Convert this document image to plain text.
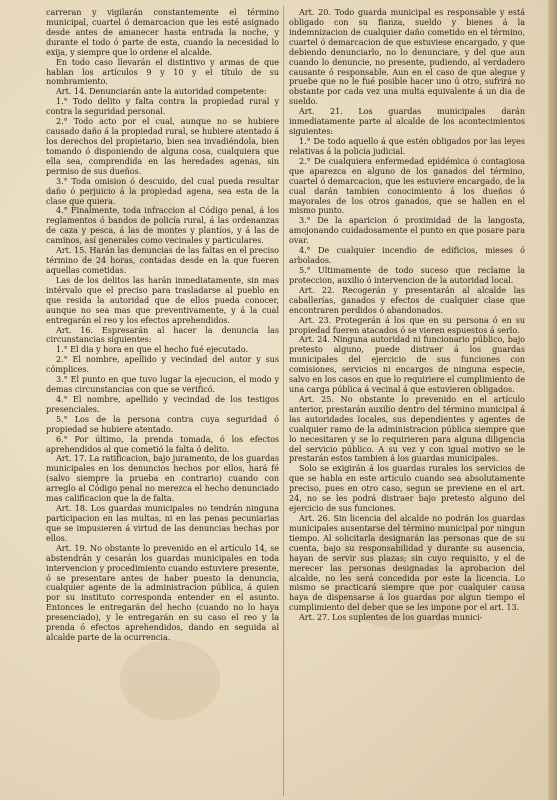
carreran y vigilarán constantemente el término municipal, cuartel ó demarcacion que les esté asignado desde antes de amanecer hasta entrada la noche, y durante el todo ó parte de esta, cuando la necesidad lo exija, y siempre que lo ordene el alcalde.

En todo caso llevarán el distintivo y armas de que hablan los artículos 9 y 10 y el título de su nombramiento.

Art. 14. Denunciarán ante la autoridad competente:

1.° Todo delito y falta contra la propiedad rural y contra la seguridad personal.

2.° Todo acto por el cual, aunque no se hubiere causado daño á la propiedad rural, se hubiere atentado á los derechos del propietario, bien sea invadiéndola, bien tomando ó disponiendo de alguna cosa, cualquiera que ella sea, comprendida en las heredades agenas, sin permiso de sus dueños.

3.° Toda omision ó descuido, del cual pueda resultar daño ó perjuicio á la propiedad agena, sea esta de la clase que quiera.

4.° Finalmente, toda infraccion al Código penal, á los reglamentos ó bandos de policía rural, á las ordenanzas de caza y pesca, á las de montes y plantíos, y á las de caminos, así generales como vecinales y particulares.

Art. 15. Harán las denuncias de las faltas en el preciso término de 24 horas, contadas desde en la que fueren aquellas cometidas.

Las de los delitos las harán inmediatamente, sin mas intérvalo que el preciso para trasladarse al pueblo en que resida la autoridad que de ellos pueda conocer, aunque no sea mas que preventivamente, y á la cual entregarán el reo y los efectos aprehendidos.

Art. 16. Espresarán al hacer la denuncia las circunstancias siguientes:

1.° El dia y hora en que el hecho fué ejecutado.

2.° El nombre, apellido y vecindad del autor y sus cómplices.

3.° El punto en que tuvo lugar la ejecucion, el modo y demas circunstancias con que se verificó.

4.° El nombre, apellido y vecindad de los testigos presenciales.

5.° Los de la persona contra cuya seguridad ó propiedad se hubiere atentado.

6.° Por último, la prenda tomada, ó los efectos aprehendidos al que cometió la falta ó delito.

Art. 17. La ratificacion, bajo juramento, de los guardas municipales en los denuncios hechos por ellos, hará fé (salvo siempre la prueba en contrario) cuando con arreglo al Código penal no merezca el hecho denunciado mas calificacion que la de falta.

Art. 18. Los guardas municipales no tendrán ninguna participacion en las multas, ni en las penas pecuniarias que se impusieren á virtud de las denuncias hechas por ellos.

Art. 19. No obstante lo prevenido en el artículo 14, se abstendrán y cesarán los guardas municipales en toda intervencion y procedimiento cuando estuviere presente, ó se presentare antes de haber puesto la denuncia, cualquier agente de la administracion pública, á quien por su instituto corresponda entender en el asunto. Entonces le entregarán del hecho (cuando no lo haya presenciado), y le entregarán en su caso el reo y la prenda ó efectos aprehendidos, dando en seguida al alcalde parte de la ocurrencia.

Art. 20. Todo guarda municipal es responsable y está obligado con su fianza, sueldo y bienes á la indemnizacion de cualquier daño cometido en el término, cuartel ó demarcacion de que estuviese encargado, y que debiendo denunciarlo, no lo denunciare, y del que aun cuando lo denuncie, no presente, pudiendo, al verdadero causante ó responsable. Aun en el caso de que alegue y pruebe que no le fué posible hacer uno ú otro, sufrirá no obstante por cada vez una multa equivalente á un dia de sueldo.

Art. 21. Los guardas municipales darán inmediatamente parte al alcalde de los acontecimientos siguientes:

1.° De todo aquello á que estén obligados por las leyes relativas á la policía judicial.

2.° De cualquiera enfermedad epidémica ó contagiosa que aparezca en alguno de los ganados del término, cuartel ó demarcacion, que les estuviere encargado, de la cual darán tambien conocimiento á los dueños ó mayorales de los otros ganados, que se hallen en el mismo punto.

3.° De la aparicion ó proximidad de la langosta, amojonando cuidadosamente el punto en que posare para ovar.

4.° De cualquier incendio de edificios, mieses ó arbolados.

5.° Ultimamente de todo suceso que reclame la proteccion, auxilio ó intervencion de la autoridad local.

Art. 22. Recogerán y presentarán al alcalde las caballerías, ganados y efectos de cualquier clase que encontraren perdidos ó abandonados.

Art. 23. Protegerán á los que en su persona ó en su propiedad fueren atacados ó se vieren espuestos á serlo.

Art. 24. Ninguna autoridad ni funcionario público, bajo pretesto alguno, puede distraer á los guardas municipales del ejercicio de sus funciones con comisiones, servicios ni encargos de ninguna especie, salvo en los casos en que lo requiriere el cumplimiento de una carga pública á vecinal á que estuvieren obligados.

Art. 25. No obstante lo prevenido en el artículo anterior, prestarán auxilio dentro del término municipal á las autoridades locales, sus dependientes y agentes de cualquier ramo de la administracion pública siempre que lo necesitaren y se lo requirieren para alguna diligencia del servicio público. A su vez y con igual motivo se le prestarán estos tambien á los guardas municipales.

Solo se exigirán á los guardas rurales los servicios de que se habla en este artículo cuando sea absolutamente preciso, pues en otro caso, segun se previene en el art. 24, no se les podrá distraer bajo pretesto alguno del ejercicio de sus funciones.

Art. 26. Sin licencia del alcalde no podrán los guardas municipales ausentarse del término municipal por ningun tiempo. Al solicitarla designarán las personas que de su cuenta, bajo su responsabilidad y durante su ausencia, hayan de servir sus plazas; sin cuyo requisito, y el de merecer las personas designadas la aprobacion del alcalde, no les será concedida por este la licencia. Lo mismo se practicará siempre que por cualquier causa haya de dispensarse á los guardas por algun tiempo el cumplimiento del deber que se les impone por el art. 13.

Art. 27. Los suplentes de los guardas munici-
